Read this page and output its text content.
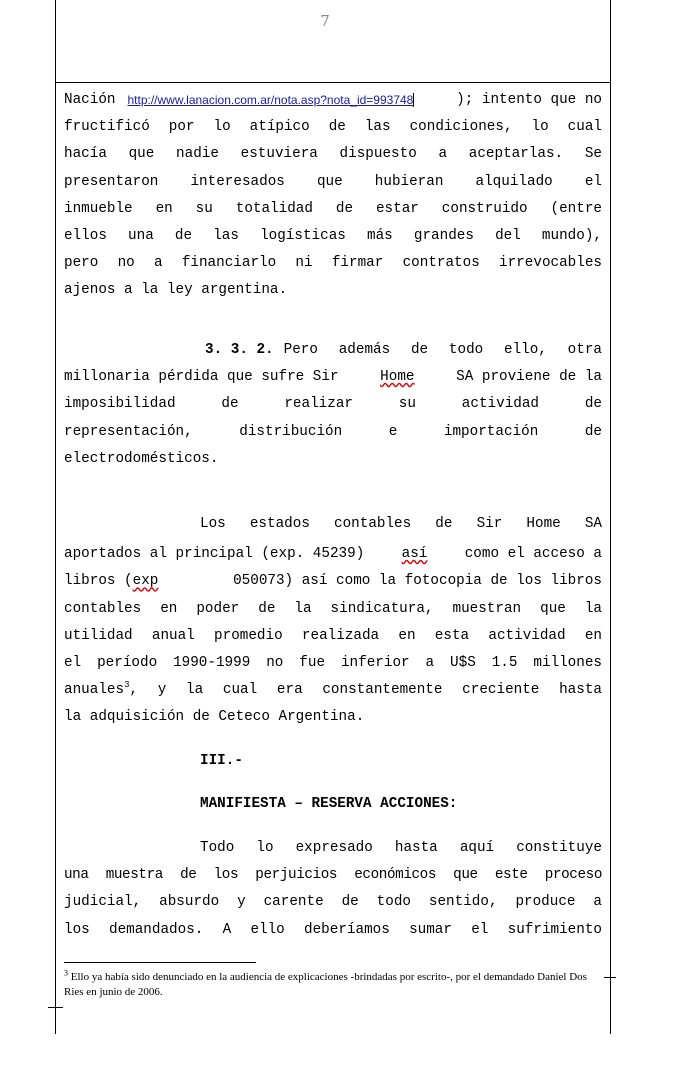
7
Nación	http://www.lanacion.com.ar/nota.asp?nota_id=993748	); intento que no
fructificó por lo atípico de las condiciones, lo cual
hacía que nadie estuviera dispuesto a aceptarlas. Se
presentaron interesados que hubieran alquilado el
inmueble en su totalidad de estar construido (entre
ellos una de las logísticas más grandes del mundo),
pero no a financiarlo ni firmar contratos irrevocables
ajenos a la ley argentina.
3. 3. 2. Pero además de todo ello, otra
millonaria pérdida que sufre Sir	Home	SA proviene de la
imposibilidad de realizar su actividad de
representación, distribución e importación de
electrodomésticos.
Los estados contables de Sir Home SA
aportados al principal (exp. 45239)	así	como el acceso a
libros (exp	050073) así como la fotocopia de los libros
contables en poder de la sindicatura, muestran que la
utilidad anual promedio realizada en esta actividad en
el período 1990-1999 no fue inferior a U$S 1.5 millones
anuales$^3$ , y la cual era constantemente creciente hasta
la adquisición de Ceteco Argentina.
III.-
MANIFIESTA – RESERVA ACCIONES:
Todo lo expresado hasta aquí constituye
una muestra de los perjuicios económicos que este proceso
judicial, absurdo y carente de todo sentido, produce a
los demandados. A ello deberíamos sumar el sufrimiento
$^3$ Ello ya había sido denunciado en la audiencia de explicaciones -brindadas por escrito-, por el demandado Daniel Dos Ries en junio de 2006.
